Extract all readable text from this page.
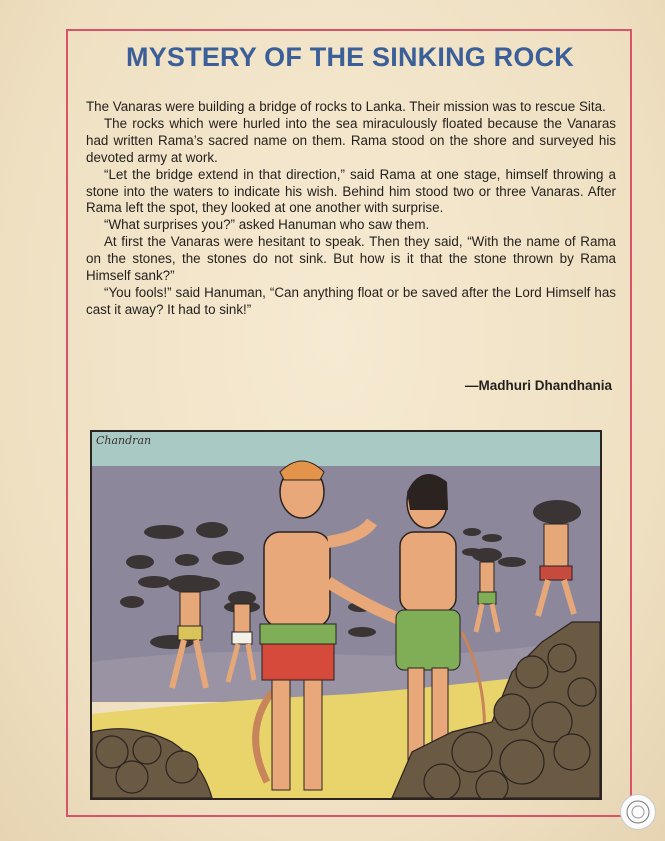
MYSTERY OF THE SINKING ROCK

The Vanaras were building a bridge of rocks to Lanka. Their mission was to rescue Sita.

The rocks which were hurled into the sea miraculously floated because the Vanaras had written Rama’s sacred name on them. Rama stood on the shore and surveyed his devoted army at work.

“Let the bridge extend in that direction,” said Rama at one stage, himself throwing a stone into the waters to indicate his wish. Behind him stood two or three Vanaras. After Rama left the spot, they looked at one another with surprise.

“What surprises you?” asked Hanuman who saw them.

At first the Vanaras were hesitant to speak. Then they said, “With the name of Rama on the stones, the stones do not sink. But how is it that the stone thrown by Rama Himself sank?”

“You fools!” said Hanuman, “Can anything float or be saved after the Lord Himself has cast it away? It had to sink!”

—Madhuri Dhandhania
Chandran
